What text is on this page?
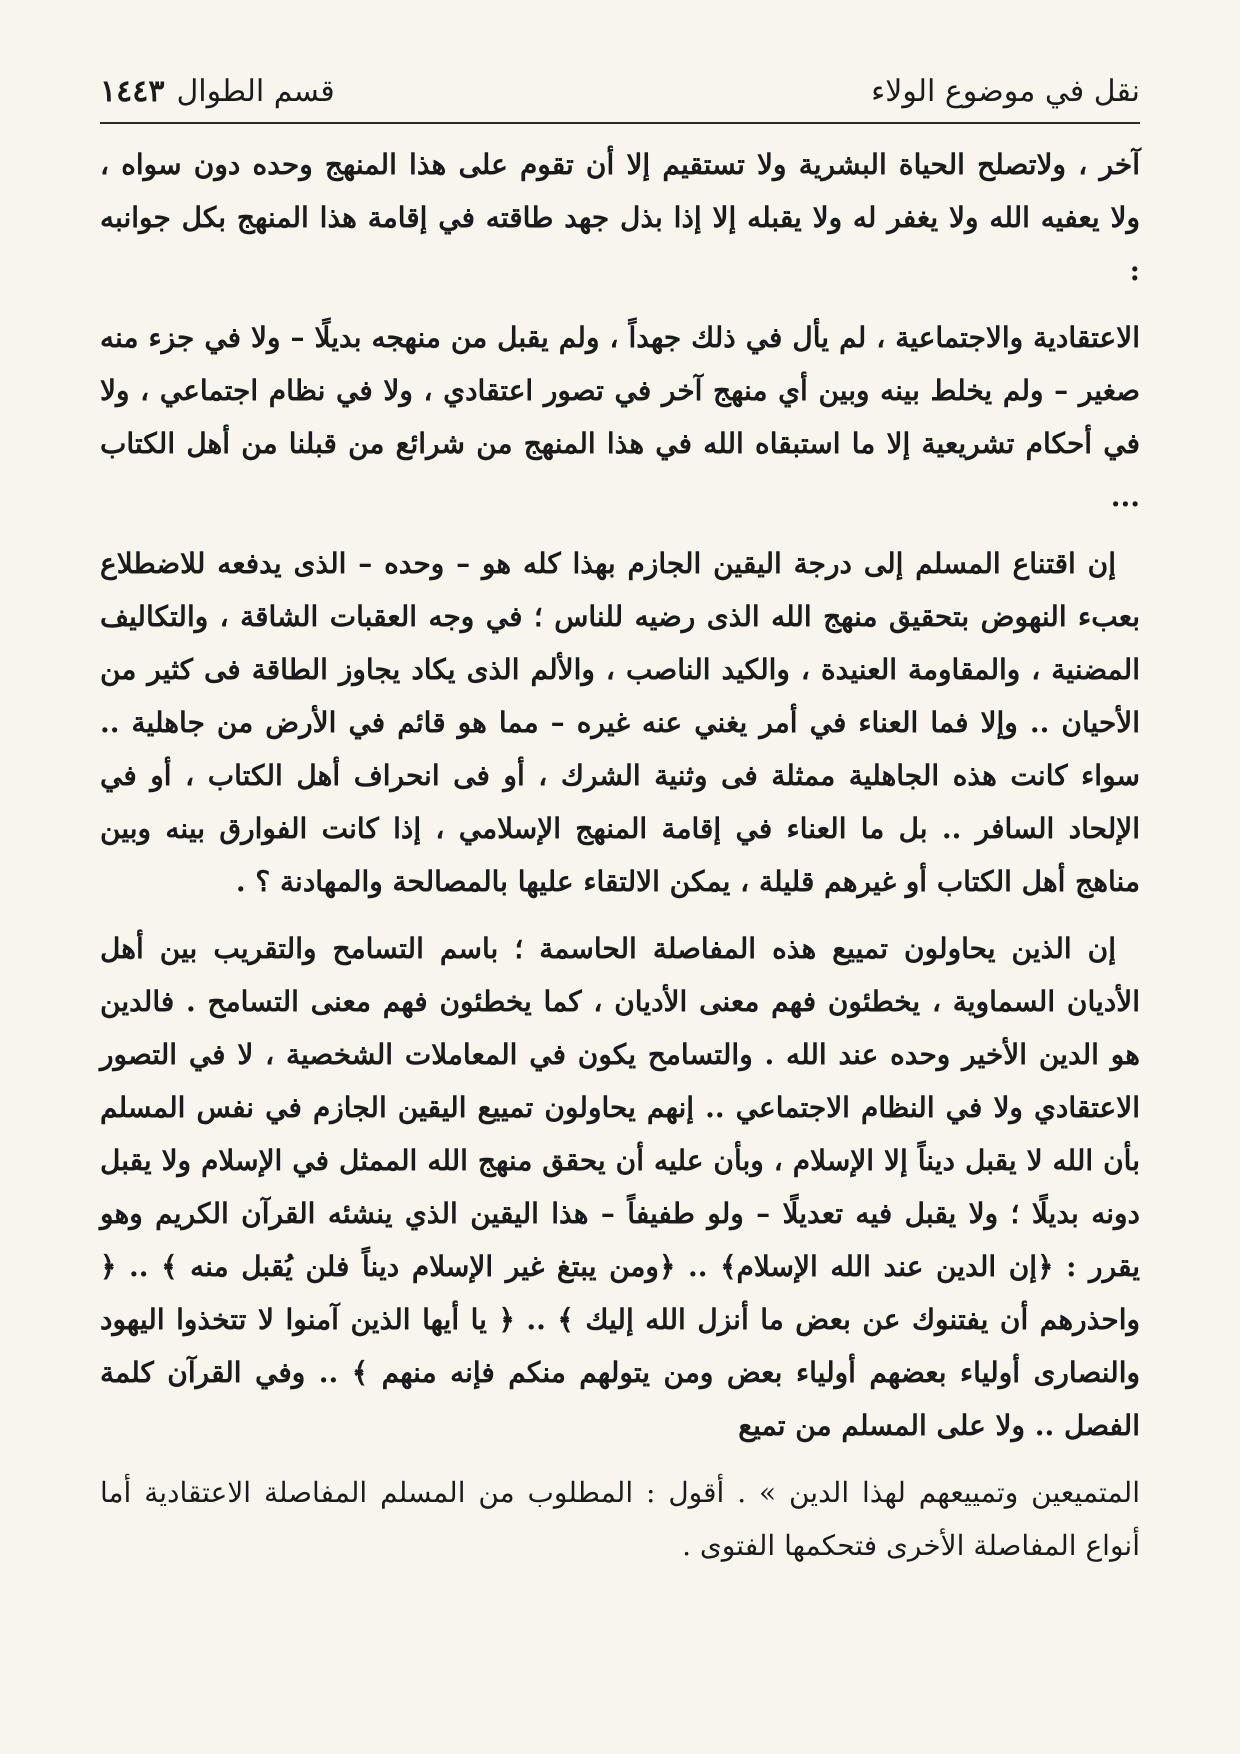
نقل في موضوع الولاء
قسم الطوال١٤٤٣

آخر ، ولاتصلح الحياة البشرية ولا تستقيم إلا أن تقوم على هذا المنهج وحده دون سواه ، ولا يعفيه الله ولا يغفر له ولا يقبله إلا إذا بذل جهد طاقته في إقامة هذا المنهج بكل جوانبه :

الاعتقادية والاجتماعية ، لم يأل في ذلك جهداً ، ولم يقبل من منهجه بديلًا – ولا في جزء منه صغير – ولم يخلط بينه وبين أي منهج آخر في تصور اعتقادي ، ولا في نظام اجتماعي ، ولا في أحكام تشريعية إلا ما استبقاه الله في هذا المنهج من شرائع من قبلنا من أهل الكتاب ...

إن اقتناع المسلم إلى درجة اليقين الجازم بهذا كله هو – وحده – الذى يدفعه للاضطلاع بعبء النهوض بتحقيق منهج الله الذى رضيه للناس ؛ في وجه العقبات الشاقة ، والتكاليف المضنية ، والمقاومة العنيدة ، والكيد الناصب ، والألم الذى يكاد يجاوز الطاقة فى كثير من الأحيان .. وإلا فما العناء في أمر يغني عنه غيره – مما هو قائم في الأرض من جاهلية .. سواء كانت هذه الجاهلية ممثلة فى وثنية الشرك ، أو فى انحراف أهل الكتاب ، أو في الإلحاد السافر .. بل ما العناء في إقامة المنهج الإسلامي ، إذا كانت الفوارق بينه وبين مناهج أهل الكتاب أو غيرهم قليلة ، يمكن الالتقاء عليها بالمصالحة والمهادنة ؟ .

إن الذين يحاولون تمييع هذه المفاصلة الحاسمة ؛ باسم التسامح والتقريب بين أهل الأديان السماوية ، يخطئون فهم معنى الأديان ، كما يخطئون فهم معنى التسامح . فالدين هو الدين الأخير وحده عند الله . والتسامح يكون في المعاملات الشخصية ، لا في التصور الاعتقادي ولا في النظام الاجتماعي .. إنهم يحاولون تمييع اليقين الجازم في نفس المسلم بأن الله لا يقبل ديناً إلا الإسلام ، وبأن عليه أن يحقق منهج الله الممثل في الإسلام ولا يقبل دونه بديلًا ؛ ولا يقبل فيه تعديلًا – ولو طفيفاً – هذا اليقين الذي ينشئه القرآن الكريم وهو يقرر : ﴿إن الدين عند الله الإسلام﴾ .. ﴿ومن يبتغ غير الإسلام ديناً فلن يُقبل منه ﴾ .. ﴿ واحذرهم أن يفتنوك عن بعض ما أنزل الله إليك ﴾ .. ﴿ يا أيها الذين آمنوا لا تتخذوا اليهود والنصارى أولياء بعضهم أولياء بعض ومن يتولهم منكم فإنه منهم ﴾ .. وفي القرآن كلمة الفصل .. ولا على المسلم من تميع

المتميعين وتمييعهم لهذا الدين » . أقول : المطلوب من المسلم المفاصلة الاعتقادية أما أنواع المفاصلة الأخرى فتحكمها الفتوى .
